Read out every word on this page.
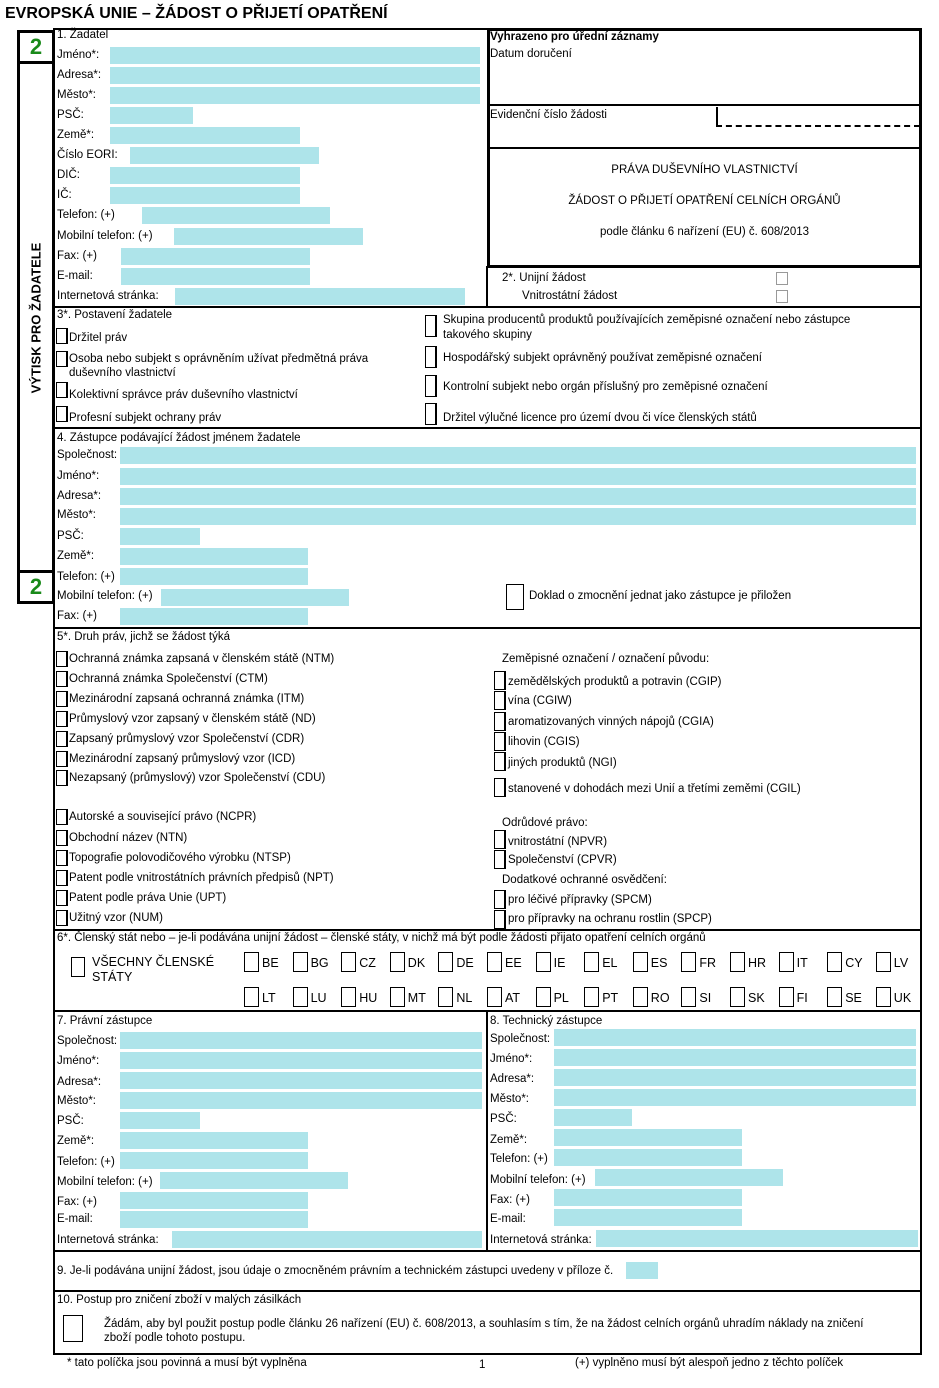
EVROPSKÁ UNIE – ŽÁDOST O PŘIJETÍ OPATŘENÍ
2
VÝTISK PRO ŽADATELE
2
1. Žadatel
Jméno*:
Adresa*:
Město*:
PSČ:
Země*:
Číslo EORI:
DIČ:
IČ:
Telefon: (+)
Mobilní telefon: (+)
Fax: (+)
E-mail:
Internetová stránka:
Vyhrazeno pro úřední záznamy
Datum doručení
Evidenční číslo žádosti
PRÁVA DUŠEVNÍHO VLASTNICTVÍ
ŽÁDOST O PŘIJETÍ OPATŘENÍ CELNÍCH ORGÁNŮ
podle článku 6 nařízení (EU) č. 608/2013
2*. Unijní žádost
Vnitrostátní žádost
3*. Postavení žadatele
Držitel práv
Osoba nebo subjekt s oprávněním užívat předmětná práva
duševního vlastnictví
Kolektivní správce práv duševního vlastnictví
Profesní subjekt ochrany práv
Skupina producentů produktů používajících zeměpisné označení nebo zástupce
takového skupiny
Hospodářský subjekt oprávněný používat zeměpisné označení
Kontrolní subjekt nebo orgán příslušný pro zeměpisné označení
Držitel výlučné licence pro území dvou či více členských států
4. Zástupce podávající žádost jménem žadatele
Společnost:
Jméno*:
Adresa*:
Město*:
PSČ:
Země*:
Telefon: (+)
Mobilní telefon: (+)
Fax: (+)
Doklad o zmocnění jednat jako zástupce je přiložen
5*. Druh práv, jichž se žádost týká
Ochranná známka zapsaná v členském státě (NTM)
Ochranná známka Společenství (CTM)
Mezinárodní zapsaná ochranná známka (ITM)
Průmyslový vzor zapsaný v členském státě (ND)
Zapsaný průmyslový vzor Společenství (CDR)
Mezinárodní zapsaný průmyslový vzor (ICD)
Nezapsaný (průmyslový) vzor Společenství (CDU)
Autorské a související právo (NCPR)
Obchodní název (NTN)
Topografie polovodičového výrobku (NTSP)
Patent podle vnitrostátních právních předpisů (NPT)
Patent podle práva Unie (UPT)
Užitný vzor (NUM)
Zeměpisné označení / označení původu:
zemědělských produktů a potravin (CGIP)
vína (CGIW)
aromatizovaných vinných nápojů (CGIA)
lihovin (CGIS)
jiných produktů (NGI)
stanovené v dohodách mezi Unií a třetími zeměmi (CGIL)
Odrůdové právo:
vnitrostátní (NPVR)
Společenství (CPVR)
Dodatkové ochranné osvědčení:
pro léčivé přípravky (SPCM)
pro přípravky na ochranu rostlin (SPCP)
6*. Členský stát nebo – je-li podávána unijní žádost – členské státy, v nichž má být podle žádosti přijato opatření celních orgánů
VŠECHNY ČLENSKÉ
STÁTY
BE	BG CZ	DK DE EE	IE	EL	ES	FR	HR IT	CY LV
LT	LU	HU MT NL	AT	PL	PT	RO SI	SK	FI	SE	UK
7. Právní zástupce
Společnost:
Jméno*:
Adresa*:
Město*:
PSČ:
Země*:
Telefon: (+)
Mobilní telefon: (+)
Fax: (+)
E-mail:
Internetová stránka:
8. Technický zástupce
Společnost:
Jméno*:
Adresa*:
Město*:
PSČ:
Země*:
Telefon: (+)
Mobilní telefon: (+)
Fax: (+)
E-mail:
Internetová stránka:
9. Je-li podávána unijní žádost, jsou údaje o zmocněném právním a technickém zástupci uvedeny v příloze č.
10. Postup pro zničení zboží v malých zásilkách
Žádám, aby byl použit postup podle článku 26 nařízení (EU) č. 608/2013, a souhlasím s tím, že na žádost celních orgánů uhradím náklady na zničení
zboží podle tohoto postupu.
* tato políčka jsou povinná a musí být vyplněna	1	(+) vyplněno musí být alespoň jedno z těchto políček
